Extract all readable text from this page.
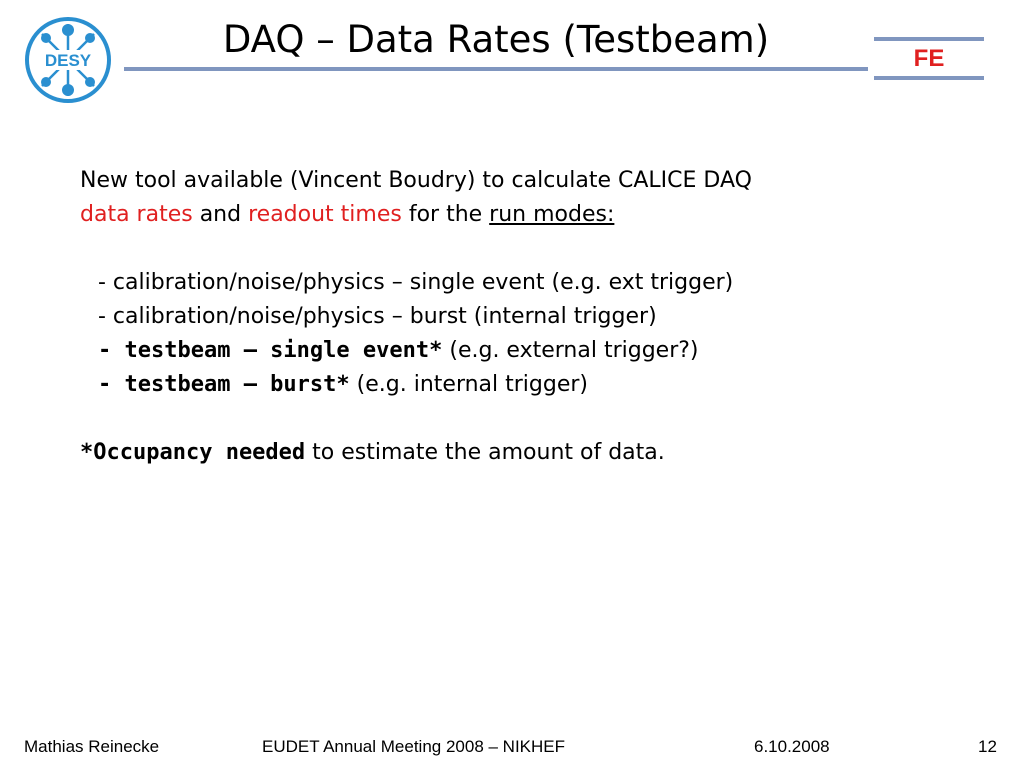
DESY	DAQ – Data Rates (Testbeam)	FE
New tool available (Vincent Boudry) to calculate CALICE DAQ
data rates and readout times for the run modes:
- calibration/noise/physics – single event (e.g. ext trigger)
- calibration/noise/physics – burst (internal trigger)
- testbeam – single event* (e.g. external trigger?)
- testbeam – burst* (e.g. internal trigger)
*Occupancy needed to estimate the amount of data.
Mathias Reinecke	EUDET Annual Meeting 2008 – NIKHEF	6.10.2008	12
